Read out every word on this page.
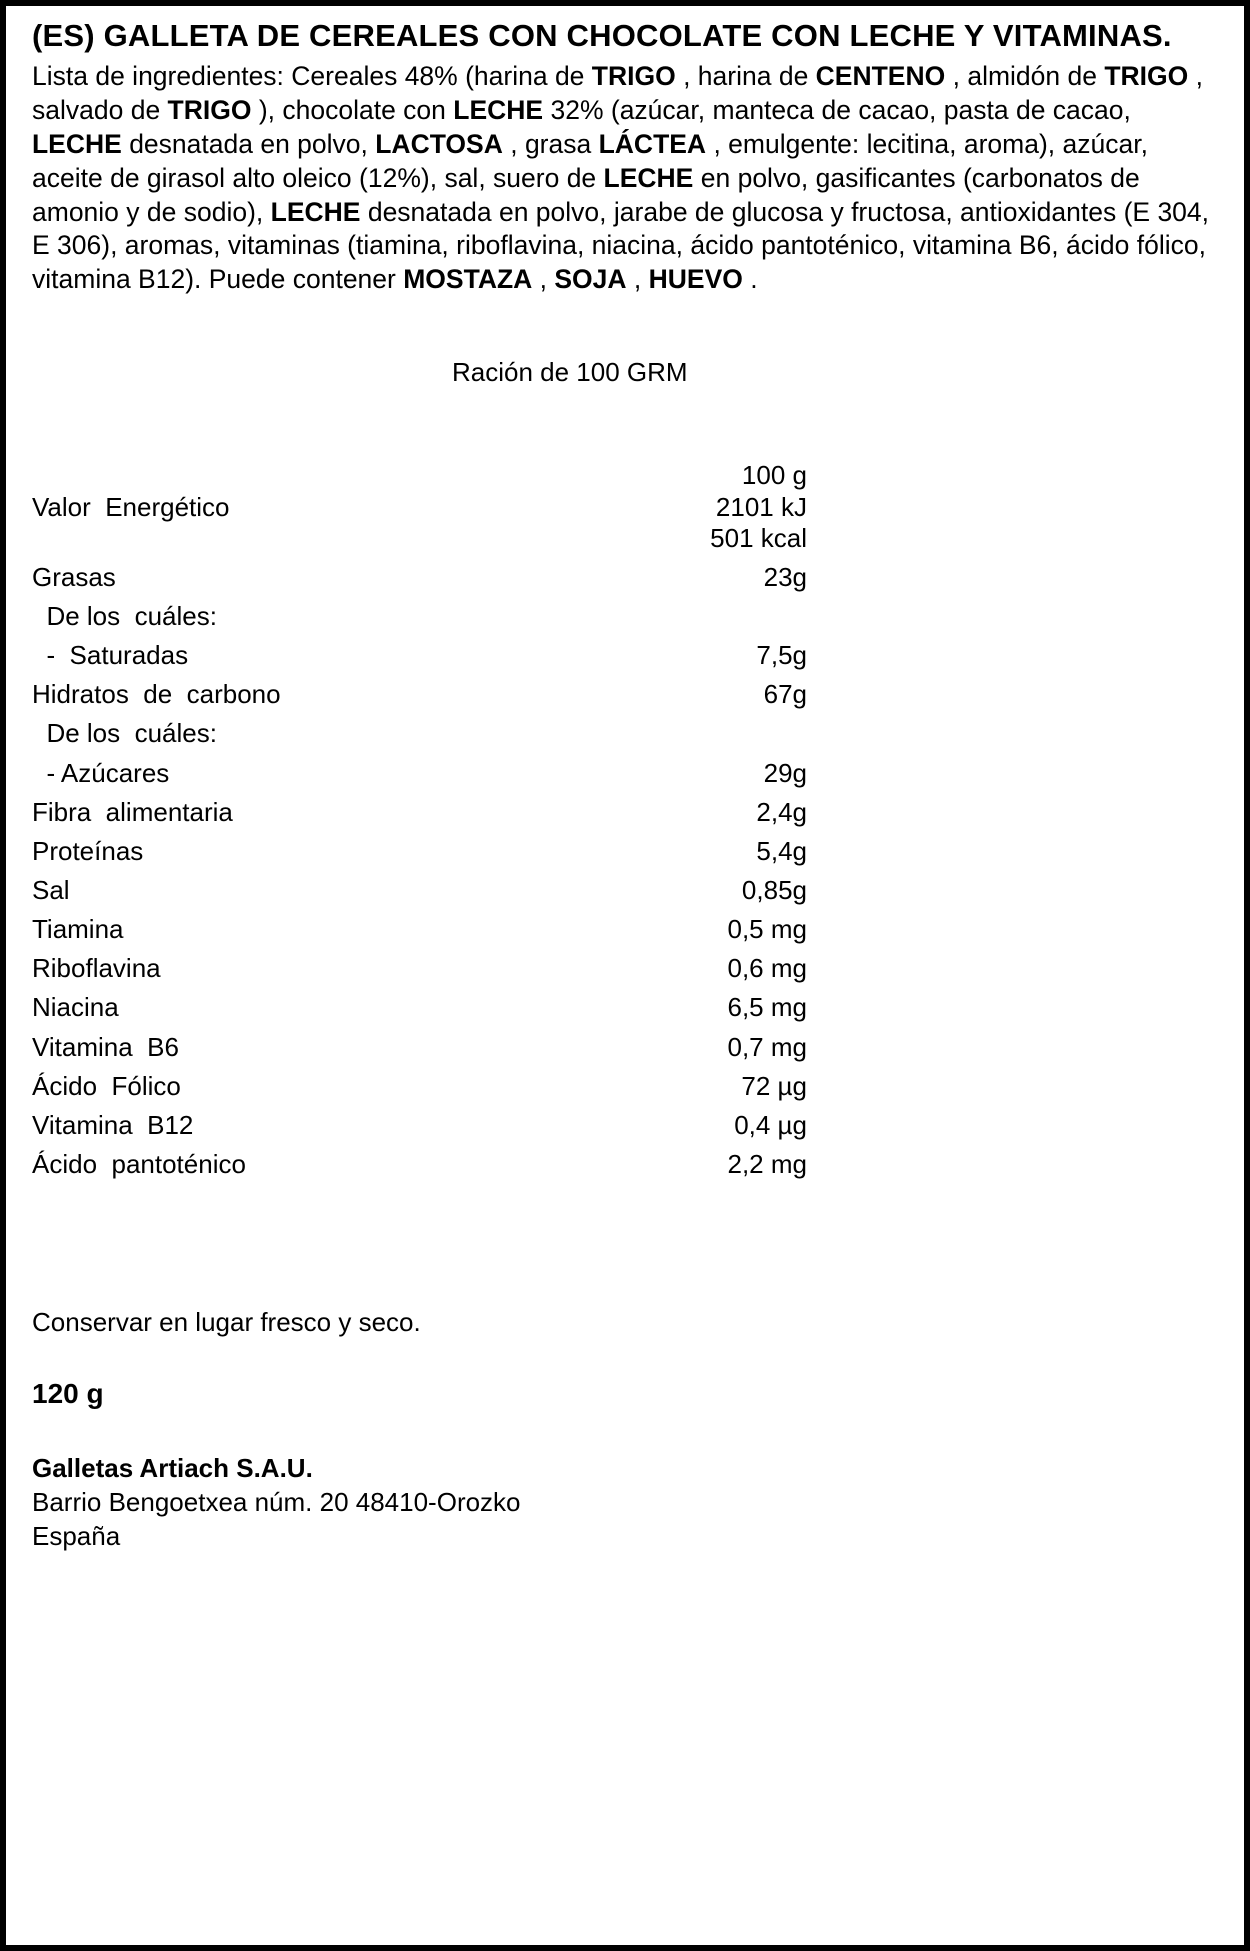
(ES) GALLETA DE CEREALES CON CHOCOLATE CON LECHE Y VITAMINAS.
Lista de ingredientes: Cereales 48% (harina de TRIGO , harina de CENTENO , almidón de TRIGO , salvado de TRIGO ), chocolate con LECHE 32% (azúcar, manteca de cacao, pasta de cacao, LECHE desnatada en polvo, LACTOSA , grasa LÁCTEA , emulgente: lecitina, aroma), azúcar, aceite de girasol alto oleico (12%), sal, suero de LECHE en polvo, gasificantes (carbonatos de amonio y de sodio), LECHE desnatada en polvo, jarabe de glucosa y fructosa, antioxidantes (E 304, E 306), aromas, vitaminas (tiamina, riboflavina, niacina, ácido pantoténico, vitamina B6, ácido fólico, vitamina B12). Puede contener MOSTAZA , SOJA , HUEVO .
Ración de 100 GRM
	100 g
Valor  Energético	2101 kJ
	501 kcal
Grasas	23g
De los  cuáles:	
-  Saturadas	7,5g
Hidratos  de  carbono	67g
De los  cuáles:	
- Azúcares	29g
Fibra  alimentaria	2,4g
Proteínas	5,4g
Sal	0,85g
Tiamina	0,5 mg
Riboflavina	0,6 mg
Niacina	6,5 mg
Vitamina  B6	0,7 mg
Ácido  Fólico	72 µg
Vitamina  B12	0,4 µg
Ácido  pantoténico	2,2 mg
Conservar en lugar fresco y seco.
120 g
Galletas Artiach S.A.U.
Barrio Bengoetxea núm. 20 48410-Orozko
España
